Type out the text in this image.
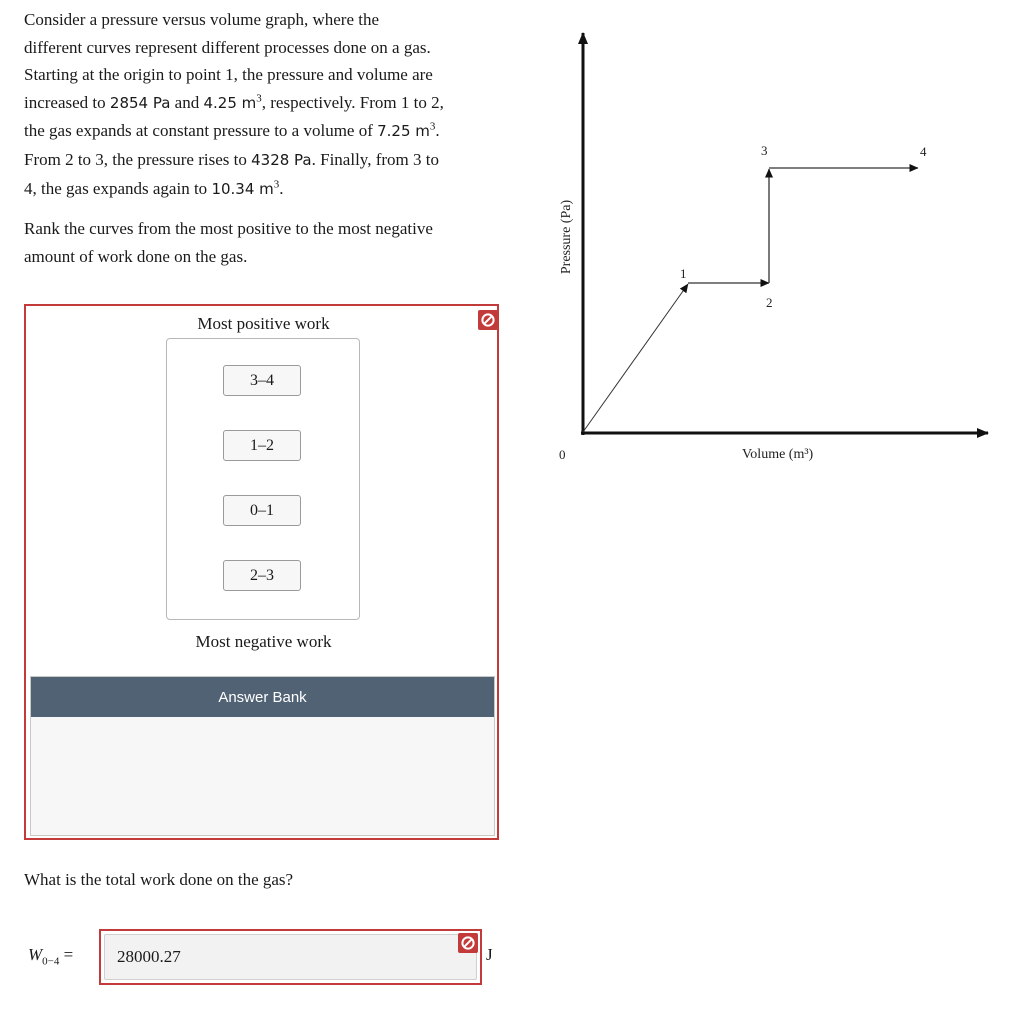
Consider a pressure versus volume graph, where the
different curves represent different processes done on a gas.
Starting at the origin to point 1, the pressure and volume are
increased to 2854 Pa and 4.25 $m^3$, respectively. From 1 to 2,
the gas expands at constant pressure to a volume of 7.25 $m^3$.
From 2 to 3, the pressure rises to 4328 Pa. Finally, from 3 to
4, the gas expands again to 10.34 $m^3$.

Rank the curves from the most positive to the most negative
amount of work done on the gas.

Most positive work
3–4
1–2
0–1
2–3
Most negative work
Answer Bank
What is the total work done on the gas?
$W_{0-4}$ =
28000.27	J
1
2
3	4
0	Volume (m³)
Pressure (Pa)
